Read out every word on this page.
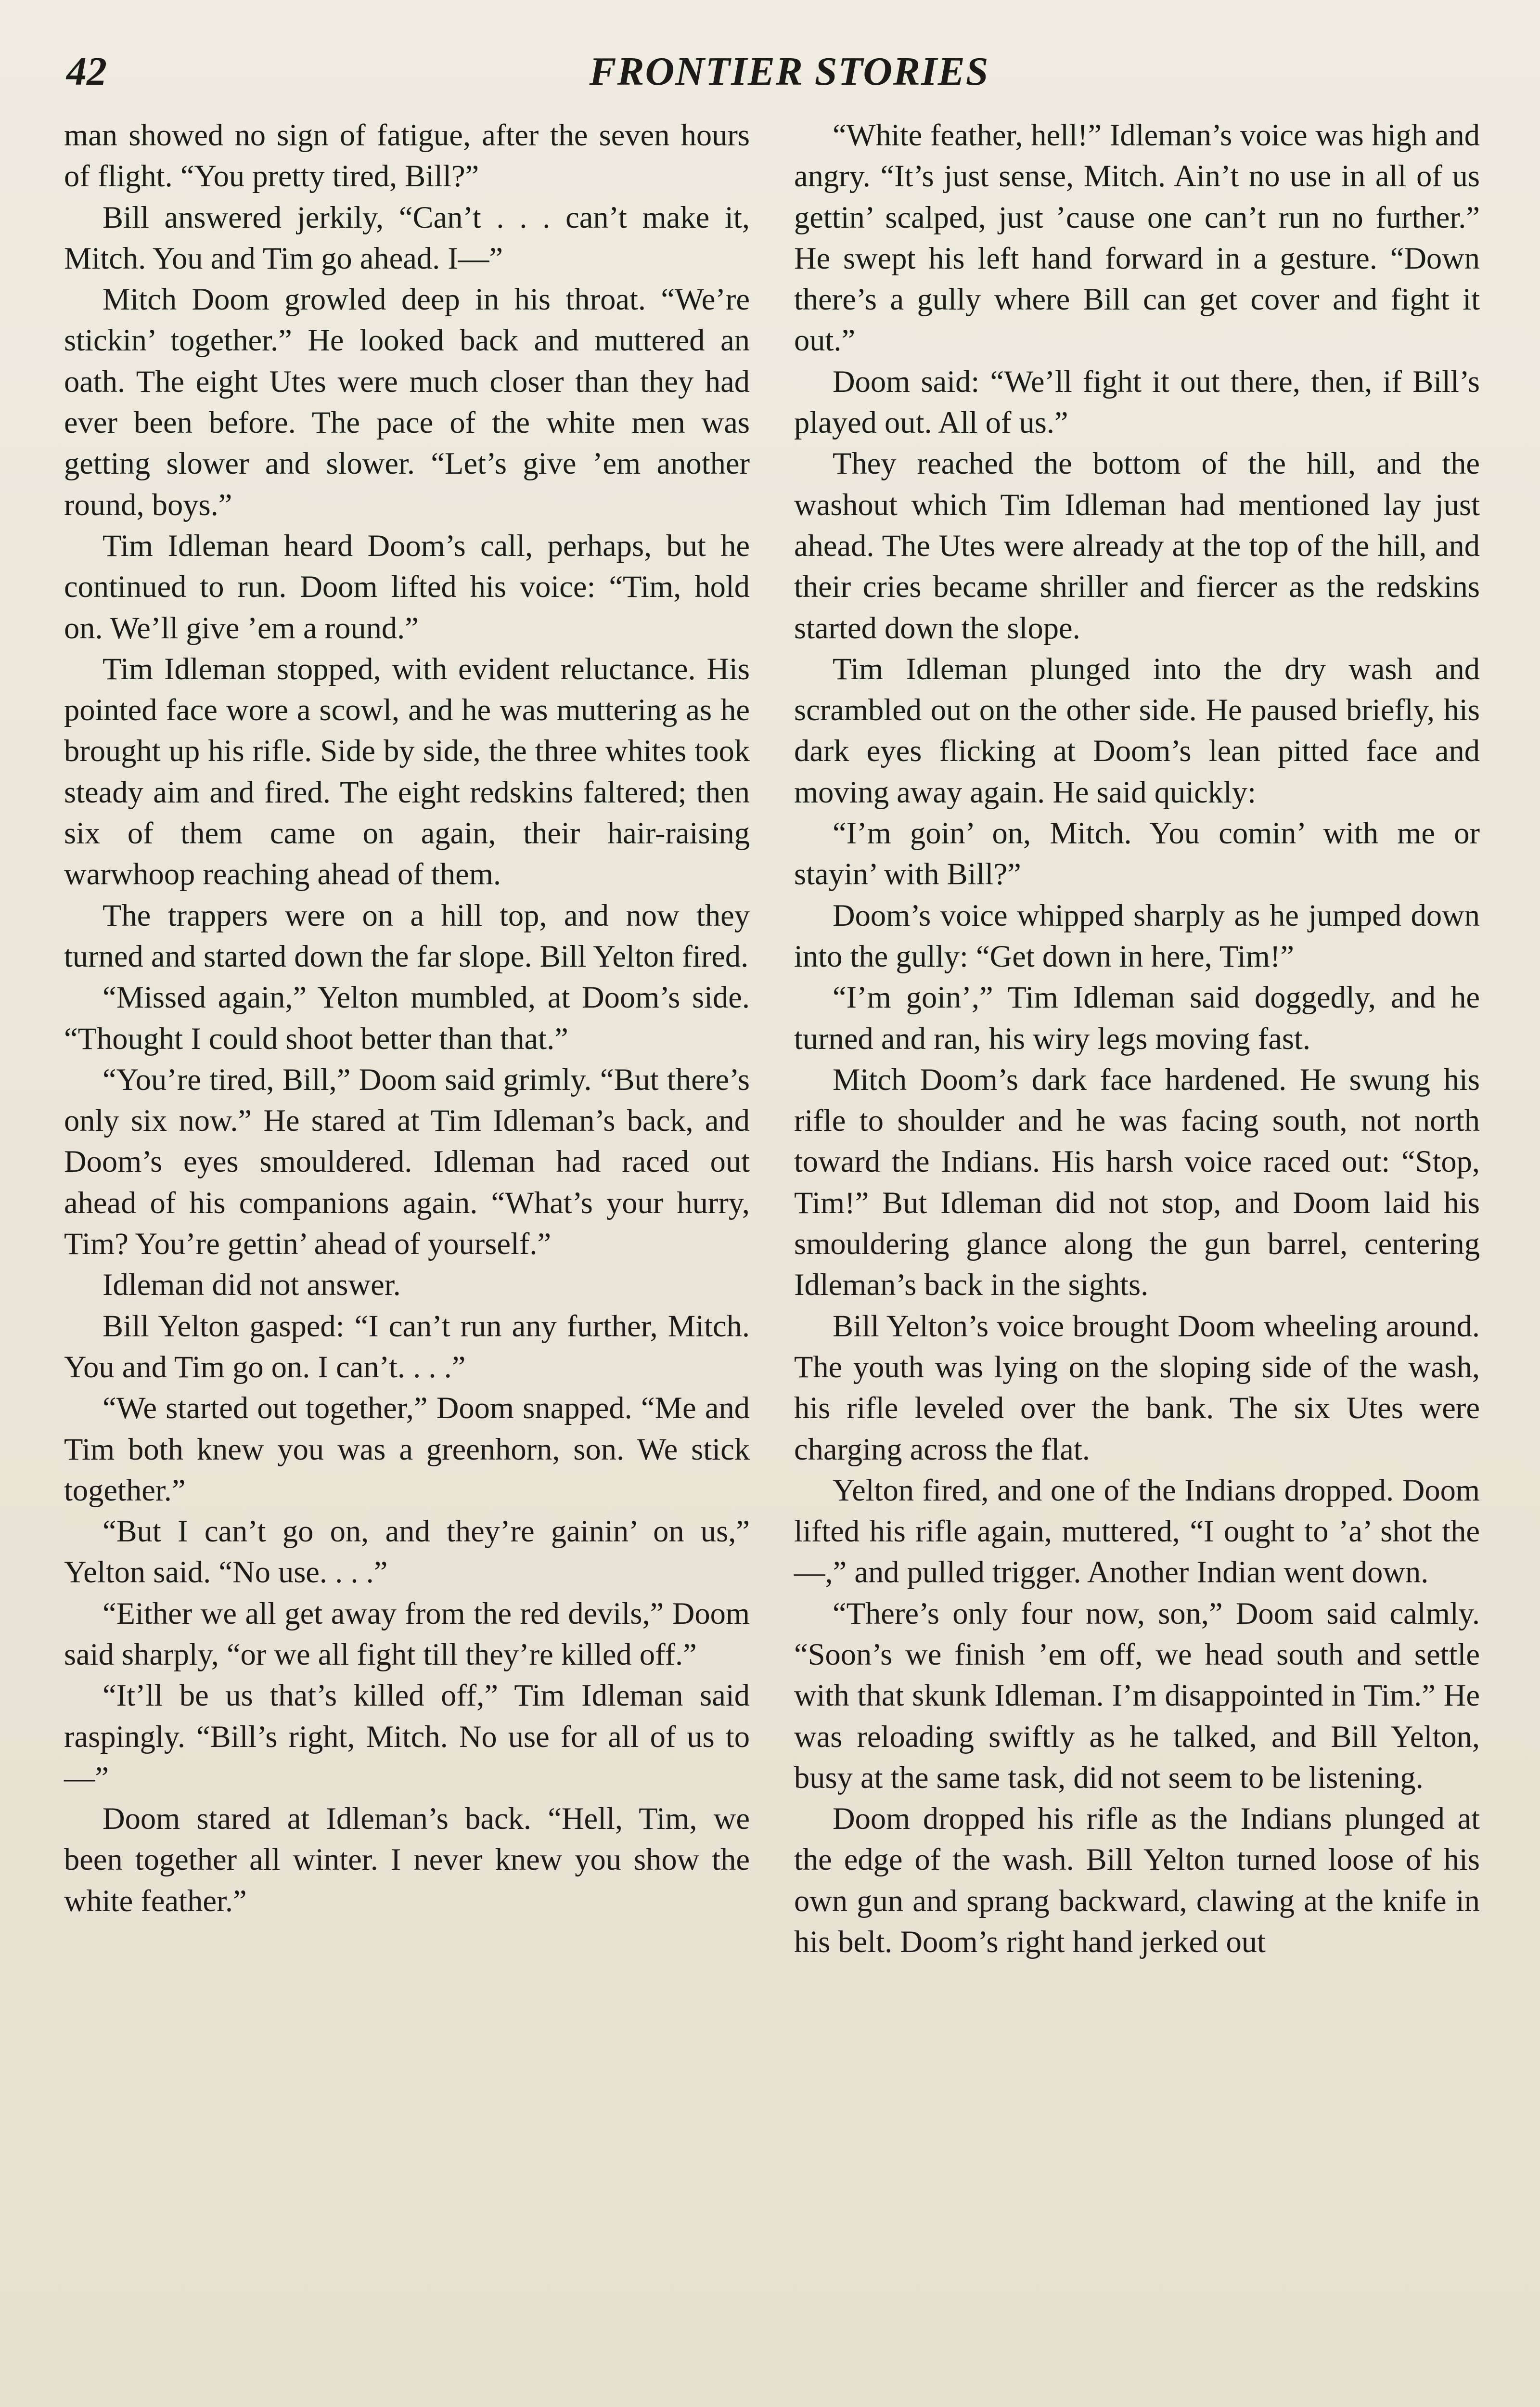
42	FRONTIER STORIES

man showed no sign of fatigue, after the seven hours of flight. “You pretty tired, Bill?”

Bill answered jerkily, “Can’t . . . can’t make it, Mitch. You and Tim go ahead. I—”

Mitch Doom growled deep in his throat. “We’re stickin’ together.” He looked back and muttered an oath. The eight Utes were much closer than they had ever been before. The pace of the white men was getting slower and slower. “Let’s give ’em another round, boys.”

Tim Idleman heard Doom’s call, perhaps, but he continued to run. Doom lifted his voice: “Tim, hold on. We’ll give ’em a round.”

Tim Idleman stopped, with evident reluctance. His pointed face wore a scowl, and he was muttering as he brought up his rifle. Side by side, the three whites took steady aim and fired. The eight redskins faltered; then six of them came on again, their hair-raising warwhoop reaching ahead of them.

The trappers were on a hill top, and now they turned and started down the far slope. Bill Yelton fired.

“Missed again,” Yelton mumbled, at Doom’s side. “Thought I could shoot better than that.”

“You’re tired, Bill,” Doom said grimly. “But there’s only six now.” He stared at Tim Idleman’s back, and Doom’s eyes smouldered. Idleman had raced out ahead of his companions again. “What’s your hurry, Tim? You’re gettin’ ahead of yourself.”

Idleman did not answer.

Bill Yelton gasped: “I can’t run any further, Mitch. You and Tim go on. I can’t. . . .”

“We started out together,” Doom snapped. “Me and Tim both knew you was a greenhorn, son. We stick together.”

“But I can’t go on, and they’re gainin’ on us,” Yelton said. “No use. . . .”

“Either we all get away from the red devils,” Doom said sharply, “or we all fight till they’re killed off.”

“It’ll be us that’s killed off,” Tim Idleman said raspingly. “Bill’s right, Mitch. No use for all of us to—”

Doom stared at Idleman’s back. “Hell, Tim, we been together all winter. I never knew you show the white feather.”

“White feather, hell!” Idleman’s voice was high and angry. “It’s just sense, Mitch. Ain’t no use in all of us gettin’ scalped, just ’cause one can’t run no further.” He swept his left hand forward in a gesture. “Down there’s a gully where Bill can get cover and fight it out.”

Doom said: “We’ll fight it out there, then, if Bill’s played out. All of us.”

They reached the bottom of the hill, and the washout which Tim Idleman had mentioned lay just ahead. The Utes were already at the top of the hill, and their cries became shriller and fiercer as the redskins started down the slope.

Tim Idleman plunged into the dry wash and scrambled out on the other side. He paused briefly, his dark eyes flicking at Doom’s lean pitted face and moving away again. He said quickly:

“I’m goin’ on, Mitch. You comin’ with me or stayin’ with Bill?”

Doom’s voice whipped sharply as he jumped down into the gully: “Get down in here, Tim!”

“I’m goin’,” Tim Idleman said doggedly, and he turned and ran, his wiry legs moving fast.

Mitch Doom’s dark face hardened. He swung his rifle to shoulder and he was facing south, not north toward the Indians. His harsh voice raced out: “Stop, Tim!” But Idleman did not stop, and Doom laid his smouldering glance along the gun barrel, centering Idleman’s back in the sights.

Bill Yelton’s voice brought Doom wheeling around. The youth was lying on the sloping side of the wash, his rifle leveled over the bank. The six Utes were charging across the flat.

Yelton fired, and one of the Indians dropped. Doom lifted his rifle again, muttered, “I ought to ’a’ shot the—,” and pulled trigger. Another Indian went down.

“There’s only four now, son,” Doom said calmly. “Soon’s we finish ’em off, we head south and settle with that skunk Idleman. I’m disappointed in Tim.” He was reloading swiftly as he talked, and Bill Yelton, busy at the same task, did not seem to be listening.

Doom dropped his rifle as the Indians plunged at the edge of the wash. Bill Yelton turned loose of his own gun and sprang backward, clawing at the knife in his belt. Doom’s right hand jerked out
